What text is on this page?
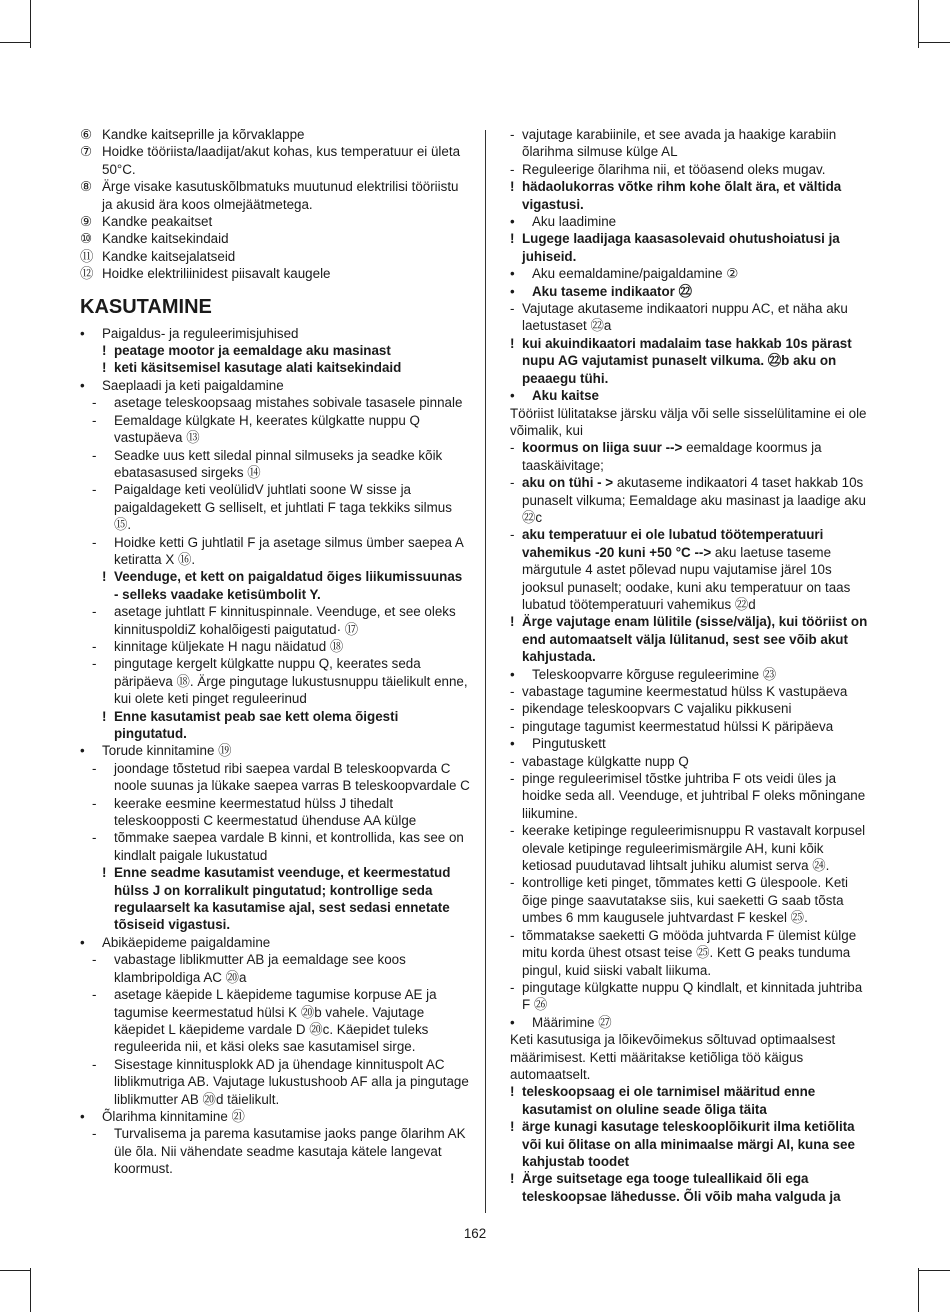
⑥ Kandke kaitseprille ja kõrvaklappe
⑦ Hoidke tööriista/laadijat/akut kohas, kus temperatuur ei ületa 50°C.
⑧ Ärge visake kasutuskõlbmatuks muutunud elektrilisi tööriistu ja akusid ära koos olmejäätmetega.
⑨ Kandke peakaitset
⑩ Kandke kaitsekindaid
⑪ Kandke kaitsejalatseid
⑫ Hoidke elektriliinidest piisavalt kaugele
KASUTAMINE
• Paigaldus- ja reguleerimisjuhised
! peatage mootor ja eemaldage aku masinast
! keti käsitsemisel kasutage alati kaitsekindaid
• Saeplaadi ja keti paigaldamine
- asetage teleskoopsaag mistahes sobivale tasasele pinnale
- Eemaldage külgkate H, keerates külgkatte nuppu Q vastupäeva ⑬
- Seadke uus kett siledal pinnal silmuseks ja seadke kõik ebatasasused sirgeks ⑭
- Paigaldage keti veolülidV juhtlati soone W sisse ja paigaldagekett G selliselt, et juhtlati F taga tekkiks silmus ⑮.
- Hoidke ketti G juhtlatil F ja asetage silmus ümber saepea A ketiratta X ⑯.
! Veenduge, et kett on paigaldatud õiges liikumissuunas - selleks vaadake ketisümbolit Y.
- asetage juhtlatt F kinnituspinnale. Veenduge, et see oleks kinnituspoldiZ kohalõigesti paigutatud· ⑰
- kinnitage küljekate H nagu näidatud ⑱
- pingutage kergelt külgkatte nuppu Q, keerates seda päripäeva ⑱. Ärge pingutage lukustusnuppu täielikult enne, kui olete keti pinget reguleerinud
! Enne kasutamist peab sae kett olema õigesti pingutatud.
• Torude kinnitamine ⑲
- joondage tõstetud ribi saepea vardal B teleskoopvarda C noole suunas ja lükake saepea varras B teleskoopvardale C
- keerake eesmine keermestatud hülss J tihedalt teleskoopposti C keermestatud ühenduse AA külge
- tõmmake saepea vardale B kinni, et kontrollida, kas see on kindlalt paigale lukustatud
! Enne seadme kasutamist veenduge, et keermestatud hülss J on korralikult pingutatud; kontrollige seda regulaarselt ka kasutamise ajal, sest sedasi ennetate tõsiseid vigastusi.
• Abikäepideme paigaldamine
- vabastage liblikmutter AB ja eemaldage see koos klambripoldiga AC ⑳a
- asetage käepide L käepideme tagumise korpuse AE ja tagumise keermestatud hülsi K ⑳b vahele. Vajutage käepidet L käepideme vardale D ⑳c. Käepidet tuleks reguleerida nii, et käsi oleks sae kasutamisel sirge.
- Sisestage kinnitusplokk AD ja ühendage kinnituspolt AC liblikmutriga AB. Vajutage lukustushoob AF alla ja pingutage liblikmutter AB ⑳d täielikult.
• Õlarihma kinnitamine ㉑
- Turvalisema ja parema kasutamise jaoks pange õlarihm AK üle õla. Nii vähendate seadme kasutaja kätele langevat koormust.
- vajutage karabiinile, et see avada ja haakige karabiin õlarihma silmuse külge AL
- Reguleerige õlarihma nii, et tööasend oleks mugav.
! hädaolukorras võtke rihm kohe õlalt ära, et vältida vigastusi.
• Aku laadimine
! Lugege laadijaga kaasasolevaid ohutushoiatusi ja juhiseid.
• Aku eemaldamine/paigaldamine ②
• Aku taseme indikaator ㉒
- Vajutage akutaseme indikaatori nuppu AC, et näha aku laetustaset ㉒a
! kui akuindikaatori madalaim tase hakkab 10s pärast nupu AG vajutamist punaselt vilkuma. ㉒b aku on peaaegu tühi.
• Aku kaitse
Tööriist lülitatakse järsku välja või selle sisselülitamine ei ole võimalik, kui
- koormus on liiga suur --> eemaldage koormus ja taaskäivitage;
- aku on tühi - > akutaseme indikaatori 4 taset hakkab 10s punaselt vilkuma; Eemaldage aku masinast ja laadige aku ㉒c
- aku temperatuur ei ole lubatud töötemperatuuri vahemikus -20 kuni +50 °C --> aku laetuse taseme märgutule 4 astet põlevad nupu vajutamise järel 10s jooksul punaselt; oodake, kuni aku temperatuur on taas lubatud töötemperatuuri vahemikus ㉒d
! Ärge vajutage enam lülitile (sisse/välja), kui tööriist on end automaatselt välja lülitanud, sest see võib akut kahjustada.
• Teleskoopvarre kõrguse reguleerimine ㉓
- vabastage tagumine keermestatud hülss K vastupäeva
- pikendage teleskoopvars C vajaliku pikkuseni
- pingutage tagumist keermestatud hülssi K päripäeva
• Pingutuskett
- vabastage külgkatte nupp Q
- pinge reguleerimisel tõstke juhtriba F ots veidi üles ja hoidke seda all. Veenduge, et juhtribal F oleks mõningane liikumine.
- keerake ketipinge reguleerimisnuppu R vastavalt korpusel olevale ketipinge reguleerimismärgile AH, kuni kõik ketiosad puudutavad lihtsalt juhiku alumist serva ㉔.
- kontrollige keti pinget, tõmmates ketti G ülespoole. Keti õige pinge saavutatakse siis, kui saeketti G saab tõsta umbes 6 mm kaugusele juhtvardast F keskel ㉕.
- tõmmatakse saeketti G mööda juhtvarda F ülemist külge mitu korda ühest otsast teise ㉕. Kett G peaks tunduma pingul, kuid siiski vabalt liikuma.
- pingutage külgkatte nuppu Q kindlalt, et kinnitada juhtriba F ㉖
• Määrimine ㉗
Keti kasutusiga ja lõikevõimekus sõltuvad optimaalsest määrimisest. Ketti määritakse ketiõliga töö käigus automaatselt.
! teleskoopsaag ei ole tarnimisel määritud enne kasutamist on oluline seade õliga täita
! ärge kunagi kasutage teleskooplõikurit ilma ketiõlita või kui õlitase on alla minimaalse märgi AI, kuna see kahjustab toodet
! Ärge suitsetage ega tooge tuleallikaid õli ega teleskoopsae lähedusse. Õli võib maha valguda ja
162
